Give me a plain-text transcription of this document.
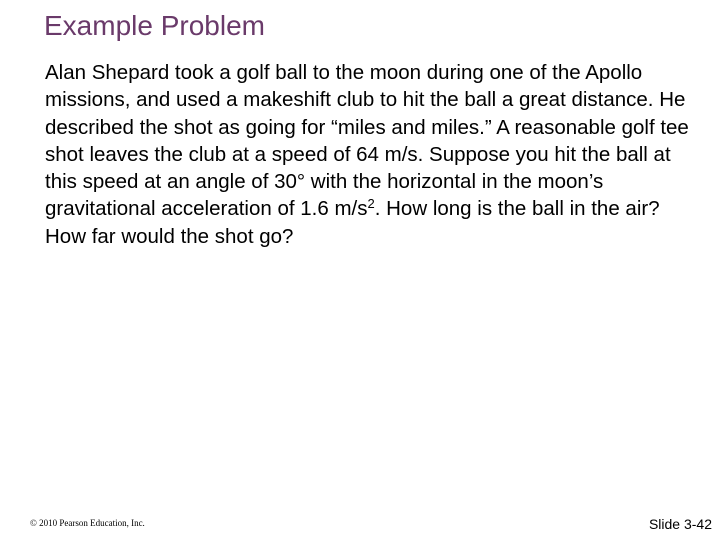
Example Problem
Alan Shepard took a golf ball to the moon during one of the Apollo missions, and used a makeshift club to hit the ball a great distance. He described the shot as going for “miles and miles.” A reasonable golf tee shot leaves the club at a speed of 64 m/s. Suppose you hit the ball at this speed at an angle of 30° with the horizontal in the moon’s gravitational acceleration of 1.6 $m/s^2$. How long is the ball in the air? How far would the shot go?
© 2010 Pearson Education, Inc.	Slide 3-42
